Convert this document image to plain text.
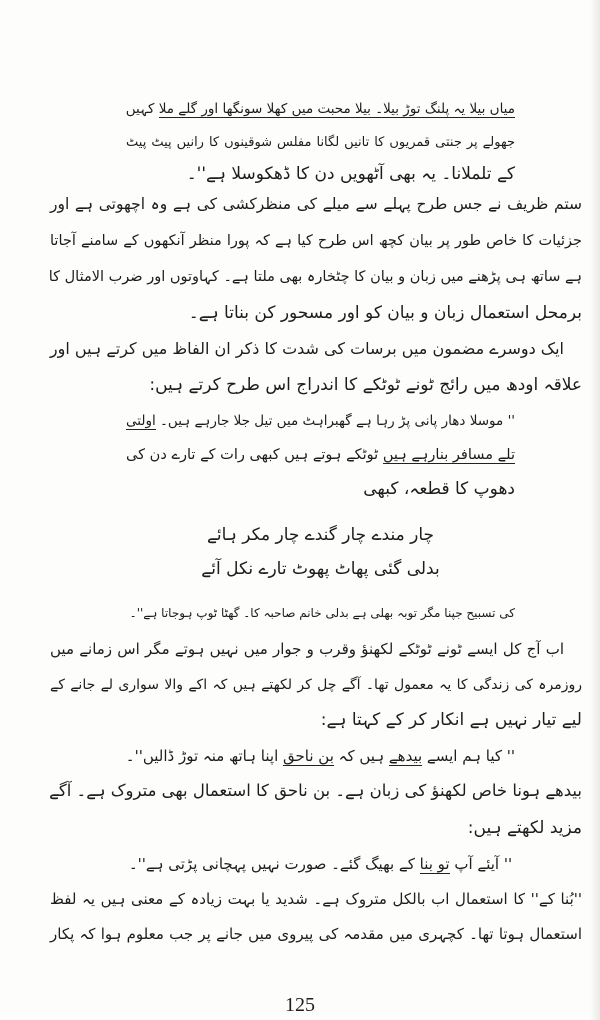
میاں بیلا یہ پلنگ توڑ بیلا۔ بیلا محبت میں کھلا سونگھا اور گلے ملا کہیں
جھولے پر جنتی قمریوں کا تانیں لگانا مفلس شوقینوں کا رانیں پیٹ پیٹ
کے تلملانا۔ یہ بھی آٹھویں دن کا ڈھکوسلا ہے''۔
ستم ظریف نے جس طرح پہلے سے میلے کی منظرکشی کی ہے وہ اچھوتی ہے اور
جزئیات کا خاص طور پر بیان کچھ اس طرح کیا ہے کہ پورا منظر آنکھوں کے سامنے آجاتا
ہے ساتھ ہی پڑھنے میں زبان و بیان کا چٹخارہ بھی ملتا ہے۔ کہاوتوں اور ضرب الامثال کا
برمحل استعمال زبان و بیان کو اور مسحور کن بناتا ہے۔
ایک دوسرے مضمون میں برسات کی شدت کا ذکر ان الفاظ میں کرتے ہیں اور
علاقہ اودھ میں رائج ٹونے ٹوٹکے کا اندراج اس طرح کرتے ہیں:
'' موسلا دھار پانی پڑ رہا ہے گھبراہٹ میں تیل جلا جارہے ہیں۔ اولتی
تلے مسافر بنارہے ہیں ٹوٹکے ہوتے ہیں کبھی رات کے تارے دن کی
دھوپ کا قطعہ، کبھی
چار مندے چار گندے چار مکر ہائے
بدلی گئی پھاٹ پھوٹ تارے نکل آئے
کی تسبیح جپنا مگر توبہ بھلی ہے بدلی خانم صاحبہ کا۔ گھٹا ٹوپ ہوجاتا ہے''۔
اب آج کل ایسے ٹونے ٹوٹکے لکھنؤ وقرب و جوار میں نہیں ہوتے مگر اس زمانے میں
روزمرہ کی زندگی کا یہ معمول تھا۔ آگے چل کر لکھتے ہیں کہ اکے والا سواری لے جانے کے
لیے تیار نہیں ہے انکار کر کے کہتا ہے:
'' کیا ہم ایسے بیدھے ہیں کہ بن ناحق اپنا ہاتھ منہ توڑ ڈالیں''۔
بیدھے ہونا خاص لکھنؤ کی زبان ہے۔ بن ناحق کا استعمال بھی متروک ہے۔ آگے
مزید لکھتے ہیں:
'' آیئے آپ تو بنا کے بھیگ گئے۔ صورت نہیں پہچانی پڑتی ہے''۔
''بُنا کے'' کا استعمال اب بالکل متروک ہے۔ شدید یا بہت زیادہ کے معنی ہیں یہ لفظ
استعمال ہوتا تھا۔ کچہری میں مقدمہ کی پیروی میں جانے پر جب معلوم ہوا کہ پکار
125
